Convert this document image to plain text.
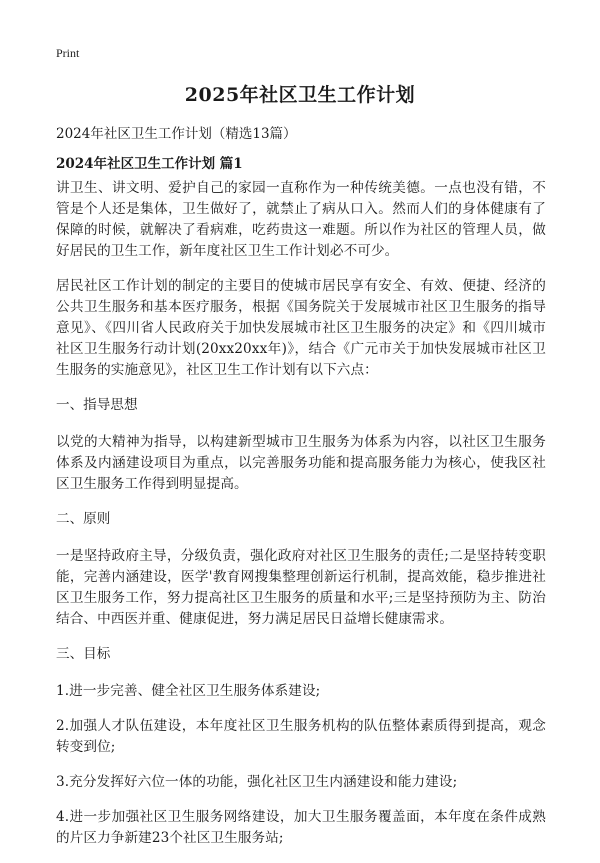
Print
2025年社区卫生工作计划

2024年社区卫生工作计划（精选13篇）

2024年社区卫生工作计划 篇1

讲卫生、讲文明、爱护自己的家园一直称作为一种传统美德。一点也没有错，不管是个人还是集体，卫生做好了，就禁止了病从口入。然而人们的身体健康有了保障的时候，就解决了看病难，吃药贵这一难题。所以作为社区的管理人员，做好居民的卫生工作，新年度社区卫生工作计划必不可少。

居民社区工作计划的制定的主要目的使城市居民享有安全、有效、便捷、经济的公共卫生服务和基本医疗服务，根据《国务院关于发展城市社区卫生服务的指导意见》、《四川省人民政府关于加快发展城市社区卫生服务的决定》和《四川城市社区卫生服务行动计划(20xx20xx年)》，结合《广元市关于加快发展城市社区卫生服务的实施意见》，社区卫生工作计划有以下六点：

一、指导思想

以党的大精神为指导，以构建新型城市卫生服务为体系为内容，以社区卫生服务体系及内涵建设项目为重点，以完善服务功能和提高服务能力为核心，使我区社区卫生服务工作得到明显提高。

二、原则

一是坚持政府主导，分级负责，强化政府对社区卫生服务的责任;二是坚持转变职能，完善内涵建设，医学'教育网搜集整理创新运行机制，提高效能，稳步推进社区卫生服务工作，努力提高社区卫生服务的质量和水平;三是坚持预防为主、防治结合、中西医并重、健康促进，努力满足居民日益增长健康需求。

三、目标

1.进一步完善、健全社区卫生服务体系建设;

2.加强人才队伍建设，本年度社区卫生服务机构的队伍整体素质得到提高，观念转变到位;

3.充分发挥好六位一体的功能，强化社区卫生内涵建设和能力建设;

4.进一步加强社区卫生服务网络建设，加大卫生服务覆盖面，本年度在条件成熟的片区力争新建23个社区卫生服务站;
